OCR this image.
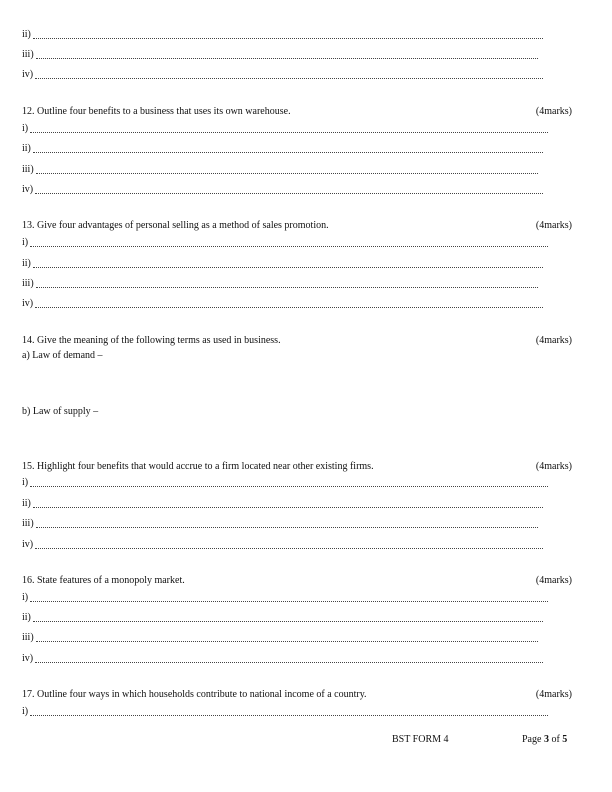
ii)
iii)
iv)
12. Outline four benefits to a business that uses its own warehouse.	(4marks)
i)
ii)
iii)
iv)
13. Give four advantages of personal selling as a method of sales promotion.	(4marks)
i)
ii)
iii)
iv)
14. Give the meaning of the following terms as used in business.	(4marks)
a) Law of demand –
b) Law of supply –
15. Highlight four benefits that would accrue to a firm located near other existing firms.	(4marks)
i)
ii)
iii)
iv)
16. State features of a monopoly market.	(4marks)
i)
ii)
iii)
iv)
17. Outline four ways in which households contribute to national income of a country.	(4marks)
i)
BST FORM 4	Page 3 of 5
